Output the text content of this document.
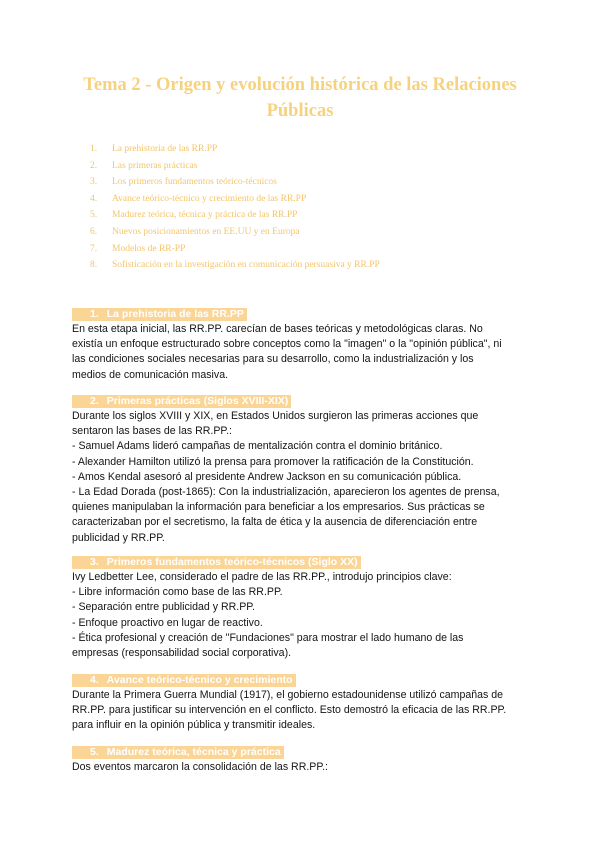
Tema 2 - Origen y evolución histórica de las Relaciones Públicas
1. La prehistoria de las RR.PP
2. Las primeras prácticas
3. Los primeros fundamentos teórico-técnicos
4. Avance teórico-técnico y crecimiento de las RR.PP
5. Madurez teórica, técnica y práctica de las RR.PP
6. Nuevos posicionamientos en EE.UU y en Europa
7. Modelos de RR-PP
8. Sofisticación en la investigación en comunicación persuasiva y RR.PP
1. La prehistoria de las RR.PP

En esta etapa inicial, las RR.PP. carecían de bases teóricas y metodológicas claras. No

existía un enfoque estructurado sobre conceptos como la "imagen" o la "opinión pública", ni

las condiciones sociales necesarias para su desarrollo, como la industrialización y los

medios de comunicación masiva.

2. Primeras prácticas (Siglos XVIII-XIX)

Durante los siglos XVIII y XIX, en Estados Unidos surgieron las primeras acciones que

sentaron las bases de las RR.PP.:

- Samuel Adams lideró campañas de mentalización contra el dominio británico.

- Alexander Hamilton utilizó la prensa para promover la ratificación de la Constitución.

- Amos Kendal asesoró al presidente Andrew Jackson en su comunicación pública.

- La Edad Dorada (post-1865): Con la industrialización, aparecieron los agentes de prensa,

quienes manipulaban la información para beneficiar a los empresarios. Sus prácticas se

caracterizaban por el secretismo, la falta de ética y la ausencia de diferenciación entre

publicidad y RR.PP.

3. Primeros fundamentos teórico-técnicos (Siglo XX)

Ivy Ledbetter Lee, considerado el padre de las RR.PP., introdujo principios clave:

- Libre información como base de las RR.PP.

- Separación entre publicidad y RR.PP.

- Enfoque proactivo en lugar de reactivo.

- Ética profesional y creación de "Fundaciones" para mostrar el lado humano de las

empresas (responsabilidad social corporativa).

4. Avance teórico-técnico y crecimiento

Durante la Primera Guerra Mundial (1917), el gobierno estadounidense utilizó campañas de

RR.PP. para justificar su intervención en el conflicto. Esto demostró la eficacia de las RR.PP.

para influir en la opinión pública y transmitir ideales.

5. Madurez teórica, técnica y práctica

Dos eventos marcaron la consolidación de las RR.PP.:
